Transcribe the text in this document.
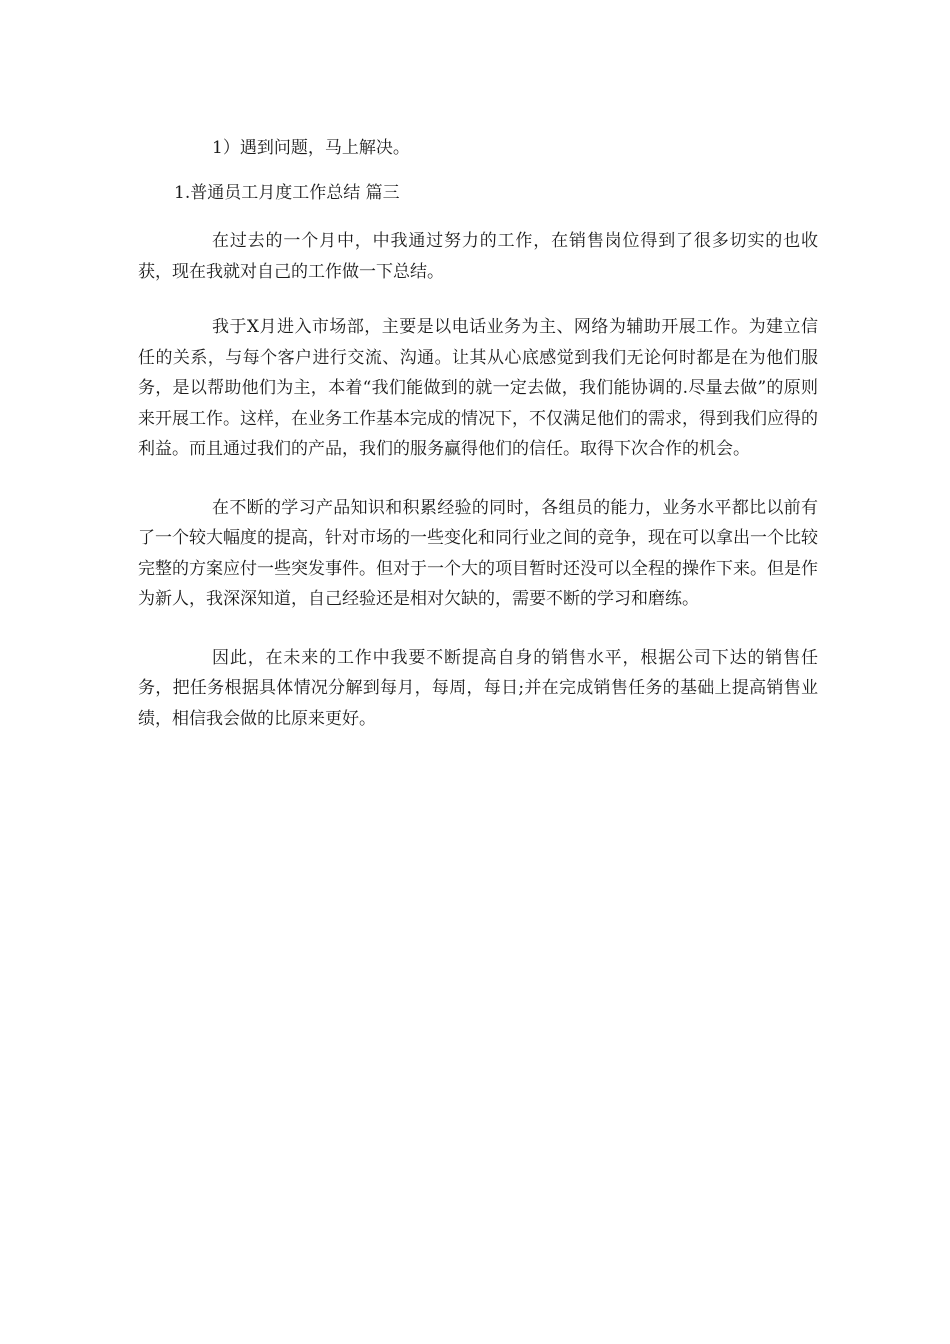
1）遇到问题，马上解决。

1.普通员工月度工作总结 篇三

在过去的一个月中，中我通过努力的工作，在销售岗位得到了很多切实的也收获，现在我就对自己的工作做一下总结。

我于X月进入市场部，主要是以电话业务为主、网络为辅助开展工作。为建立信任的关系，与每个客户进行交流、沟通。让其从心底感觉到我们无论何时都是在为他们服务，是以帮助他们为主，本着“我们能做到的就一定去做，我们能协调的.尽量去做”的原则来开展工作。这样，在业务工作基本完成的情况下，不仅满足他们的需求，得到我们应得的利益。而且通过我们的产品，我们的服务赢得他们的信任。取得下次合作的机会。

在不断的学习产品知识和积累经验的同时，各组员的能力，业务水平都比以前有了一个较大幅度的提高，针对市场的一些变化和同行业之间的竞争，现在可以拿出一个比较完整的方案应付一些突发事件。但对于一个大的项目暂时还没可以全程的操作下来。但是作为新人，我深深知道，自己经验还是相对欠缺的，需要不断的学习和磨练。

因此，在未来的工作中我要不断提高自身的销售水平，根据公司下达的销售任务，把任务根据具体情况分解到每月，每周，每日;并在完成销售任务的基础上提高销售业绩，相信我会做的比原来更好。
